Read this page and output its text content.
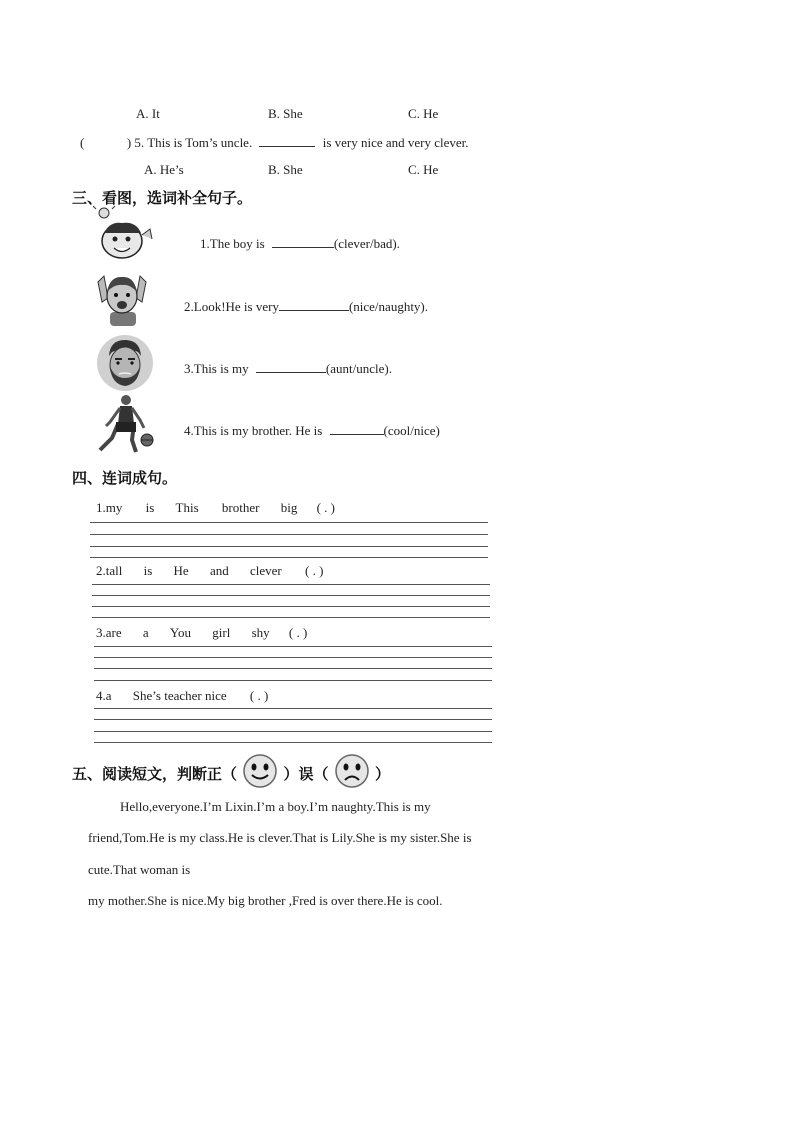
A. It	B. She	C. He
(	) 5. This is Tom’s uncle.	is very nice and very clever.
A. He’s	B. She	C. He
三、看图，选词补全句子。
1.The boy is	(clever/bad).
2.Look!He is very	(nice/naughty).
3.This is my	(aunt/uncle).
4.This is my brother. He is	(cool/nice)
四、连词成句。
1.my is This brother big ( . )
2.tall is He and clever ( . )
3.are a You girl shy ( . )
4.a She’s teacher nice ( . )
五、阅读短文，判断正（	）误（	）
Hello,everyone.I’m Lixin.I’m a boy.I’m naughty.This is my
friend,Tom.He is my class.He is clever.That is Lily.She is my sister.She is
cute.That woman is
my mother.She is nice.My big brother ,Fred is over there.He is cool.
